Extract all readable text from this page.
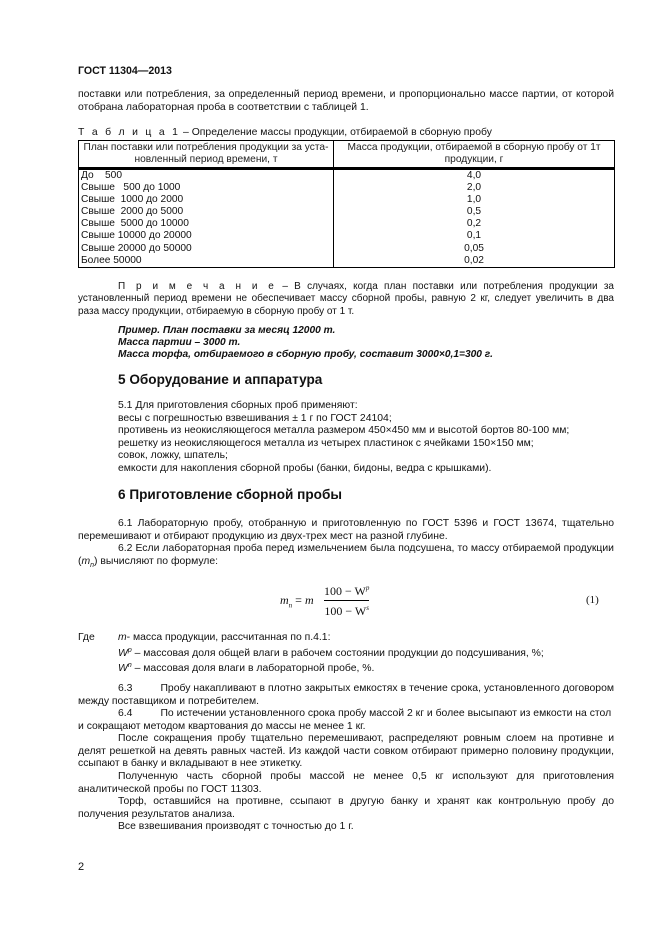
ГОСТ 11304—2013
поставки или потребления, за определенный период времени, и пропорционально массе партии, от которой отобрана лабораторная проба в соответствии с таблицей 1.
Т а б л и ц а 1 – Определение массы продукции, отбираемой в сборную пробу
План поставки или потребления продукции за уста-новленный период времени, т	Масса продукции, отбираемой в сборную пробу от 1т продукции, г
До    500	4,0
Свыше   500 до 1000	2,0
Свыше  1000 до 2000	1,0
Свыше  2000 до 5000	0,5
Свыше  5000 до 10000	0,2
Свыше 10000 до 20000	0,1
Свыше 20000 до 50000	0,05
Более 50000	0,02
П р и м е ч а н и е – В случаях, когда план поставки или потребления продукции за установленный период времени не обеспечивает массу сборной пробы, равную 2 кг, следует увеличить в два раза массу продукции, отбираемую в сборную пробу от 1 т.
Пример. План поставки за месяц 12000 т.
Масса партии – 3000 т.
Масса торфа, отбираемого в сборную пробу, составит 3000×0,1=300 г.
5 Оборудование и аппаратура
5.1 Для приготовления сборных проб применяют:
весы с погрешностью взвешивания ± 1 г по ГОСТ 24104;
противень из неокисляющегося металла размером 450×450 мм и высотой бортов 80-100 мм;
решетку из неокисляющегося металла из четырех пластинок с ячейками 150×150 мм;
совок, ложку, шпатель;
емкости для накопления сборной пробы (банки, бидоны, ведра с крышками).
6 Приготовление сборной пробы
6.1 Лабораторную пробу, отобранную и приготовленную по ГОСТ 5396 и ГОСТ 13674, тщательно перемешивают и отбирают продукцию из двух-трех мест на разной глубине.
6.2 Если лабораторная проба перед измельчением была подсушена, то массу отбираемой продукции $(m_n)$ вычисляют по формуле:
$m_n = m$
$100 - W^p$
$100 - W^s$
(1)
Где m- масса продукции, рассчитанная по п.4.1:
$W^p$ – массовая доля общей влаги в рабочем состоянии продукции до подсушивания, %;
$W^n$ – массовая доля влаги в лабораторной пробе, %.
6.3	Пробу накапливают в плотно закрытых емкостях в течение срока, установленного договором между поставщиком и потребителем.
6.4	По истечении установленного срока пробу массой 2 кг и более высыпают из емкости на стол и сокращают методом квартования до массы не менее 1 кг.
После сокращения пробу тщательно перемешивают, распределяют ровным слоем на противне и делят решеткой на девять равных частей. Из каждой части совком отбирают примерно половину продукции, ссыпают в банку и вкладывают в нее этикетку.
Полученную часть сборной пробы массой не менее 0,5 кг используют для приготовления аналитической пробы по ГОСТ 11303.
Торф, оставшийся на противне, ссыпают в другую банку и хранят как контрольную пробу до получения результатов анализа.
Все взвешивания производят с точностью до 1 г.
2
